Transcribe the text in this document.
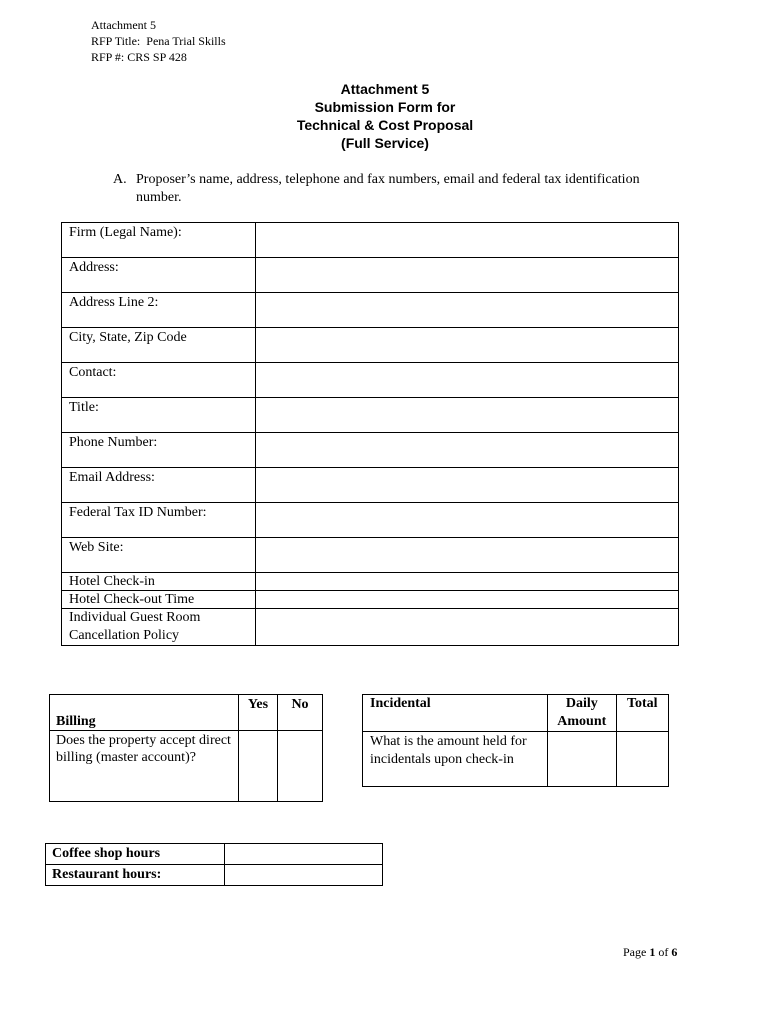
Attachment 5
RFP Title: Pena Trial Skills
RFP #: CRS SP 428
Attachment 5
Submission Form for
Technical & Cost Proposal
(Full Service)
A. Proposer’s name, address, telephone and fax numbers, email and federal tax identification number.
Firm (Legal Name):	
Address:	
Address Line 2:	
City, State, Zip Code	
Contact:	
Title:	
Phone Number:	
Email Address:	
Federal Tax ID Number:	
Web Site:	
Hotel Check-in	
Hotel Check-out Time	
Individual Guest Room Cancellation Policy	
Billing	Yes	No
Does the property accept direct billing (master account)?		
Incidental	Daily Amount	Total
What is the amount held for incidentals upon check-in		
Coffee shop hours	
Restaurant hours:	
Page 1 of 6
